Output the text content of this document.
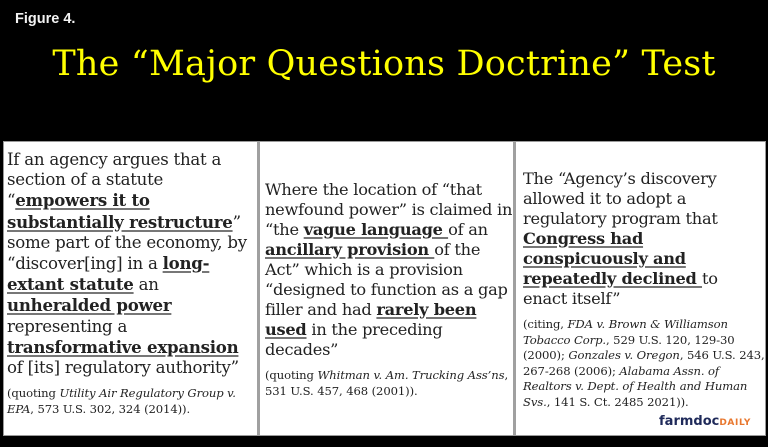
Figure 4.
The “Major Questions Doctrine” Test
If an agency argues that a section of a statute “empowers it to substantially restructure” some part of the economy, by “discover[ing] in a long-extant statute an unheralded power representing a transformative expansion of [its] regulatory authority”
(quoting Utility Air Regulatory Group v. EPA, 573 U.S. 302, 324 (2014)).
Where the location of “that newfound power” is claimed in “the vague language of an ancillary provision of the Act” which is a provision “designed to function as a gap filler and had rarely been used in the preceding decades”
(quoting Whitman v. Am. Trucking Ass’ns, 531 U.S. 457, 468 (2001)).
The “Agency’s discovery allowed it to adopt a regulatory program that Congress had conspicuously and repeatedly declined to enact itself”
(citing, FDA v. Brown & Williamson Tobacco Corp., 529 U.S. 120, 129-30 (2000); Gonzales v. Oregon, 546 U.S. 243, 267-268 (2006); Alabama Assn. of Realtors v. Dept. of Health and Human Svs., 141 S. Ct. 2485 2021)).
farmdocDAILY
